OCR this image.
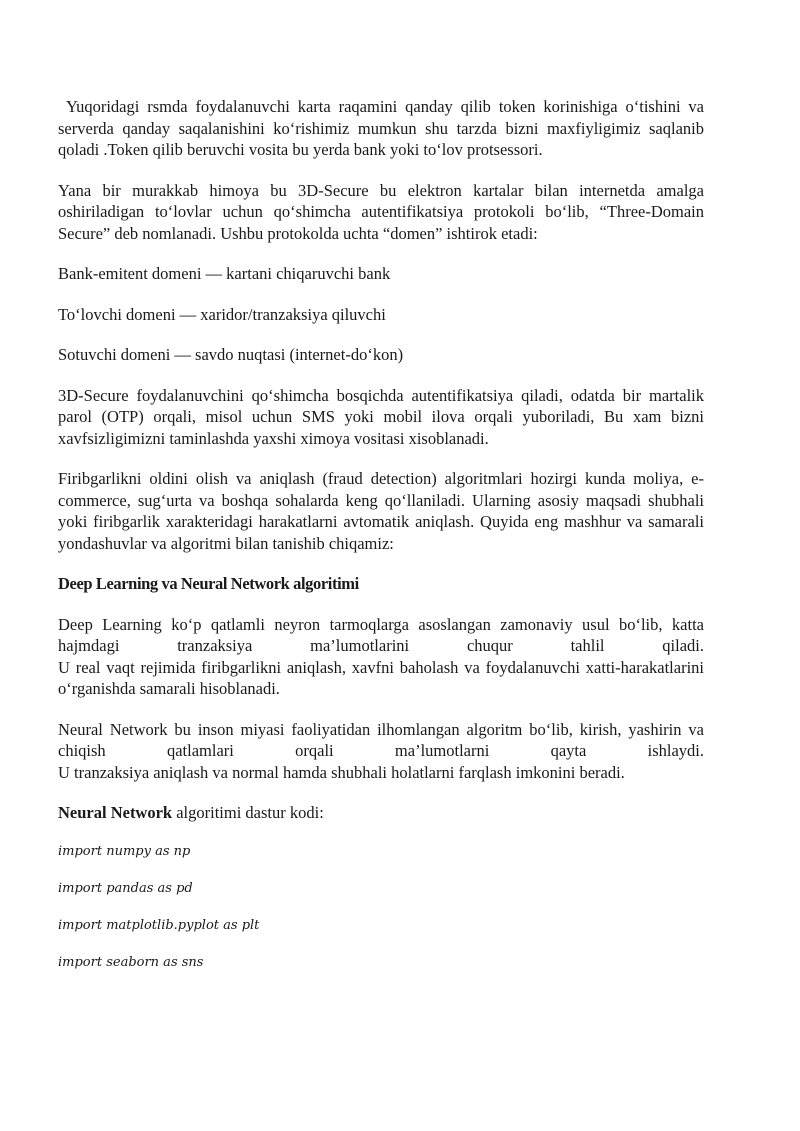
Yuqoridagi rsmda foydalanuvchi karta raqamini qanday qilib token korinishiga o‘tishini va serverda qanday saqalanishini ko‘rishimiz mumkun shu tarzda bizni maxfiyligimiz saqlanib qoladi .Token qilib beruvchi vosita bu yerda bank yoki to‘lov protsessori.

Yana bir murakkab himoya bu 3D-Secure bu elektron kartalar bilan internetda amalga oshiriladigan to‘lovlar uchun qo‘shimcha autentifikatsiya protokoli bo‘lib, “Three-Domain Secure” deb nomlanadi. Ushbu protokolda uchta “domen” ishtirok etadi:

Bank-emitent domeni — kartani chiqaruvchi bank

To‘lovchi domeni — xaridor/tranzaksiya qiluvchi

Sotuvchi domeni — savdo nuqtasi (internet-do‘kon)

3D-Secure foydalanuvchini qo‘shimcha bosqichda autentifikatsiya qiladi, odatda bir martalik parol (OTP) orqali, misol uchun SMS yoki mobil ilova orqali yuboriladi, Bu xam bizni xavfsizligimizni taminlashda yaxshi ximoya vositasi xisoblanadi.

Firibgarlikni oldini olish va aniqlash (fraud detection) algoritmlari hozirgi kunda moliya, e-commerce, sug‘urta va boshqa sohalarda keng qo‘llaniladi. Ularning asosiy maqsadi shubhali yoki firibgarlik xarakteridagi harakatlarni avtomatik aniqlash. Quyida eng mashhur va samarali yondashuvlar va algoritmi bilan tanishib chiqamiz:

Deep Learning va Neural Network algoritimi

Deep Learning ko‘p qatlamli neyron tarmoqlarga asoslangan zamonaviy usul bo‘lib, katta hajmdagi tranzaksiya ma’lumotlarini chuqur tahlil qiladi.
U real vaqt rejimida firibgarlikni aniqlash, xavfni baholash va foydalanuvchi xatti-harakatlarini o‘rganishda samarali hisoblanadi.
Neural Network bu inson miyasi faoliyatidan ilhomlangan algoritm bo‘lib, kirish, yashirin va chiqish qatlamlari orqali ma’lumotlarni qayta ishlaydi.
U tranzaksiya aniqlash va normal hamda shubhali holatlarni farqlash imkonini beradi.

Neural Network algoritimi dastur kodi:

import numpy as np

import pandas as pd

import matplotlib.pyplot as plt

import seaborn as sns
